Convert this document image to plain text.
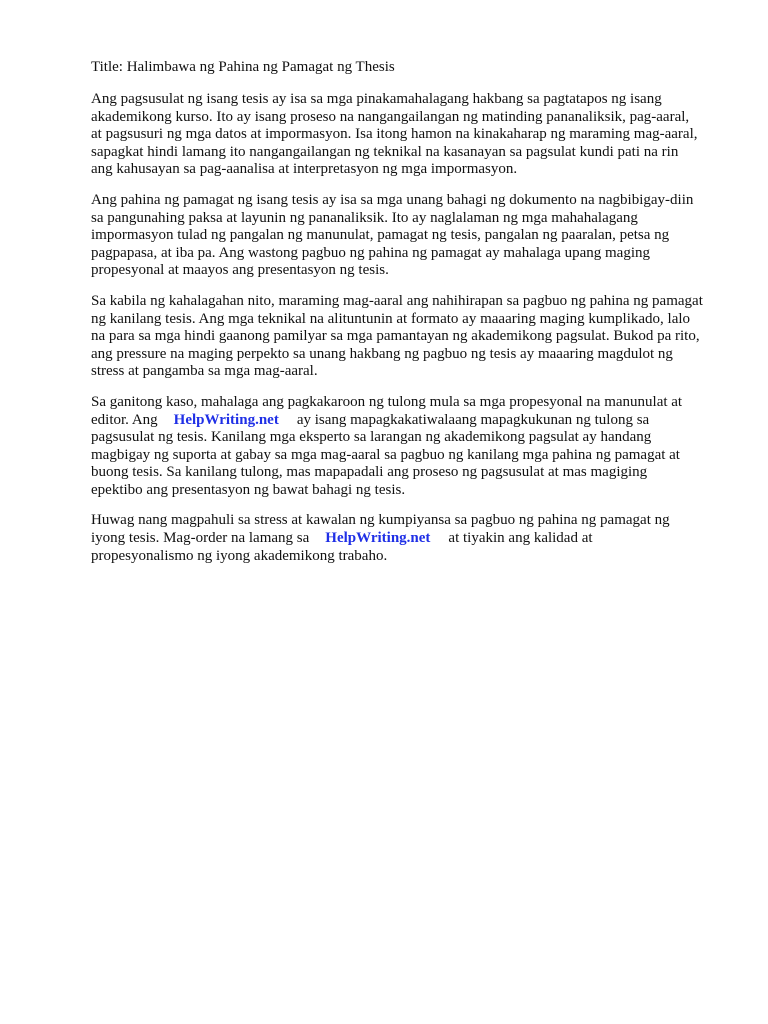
Title: Halimbawa ng Pahina ng Pamagat ng Thesis

Ang pagsusulat ng isang tesis ay isa sa mga pinakamahalagang hakbang sa pagtatapos ng isang
akademikong kurso. Ito ay isang proseso na nangangailangan ng matinding pananaliksik, pag-aaral,
at pagsusuri ng mga datos at impormasyon. Isa itong hamon na kinakaharap ng maraming mag-aaral,
sapagkat hindi lamang ito nangangailangan ng teknikal na kasanayan sa pagsulat kundi pati na rin
ang kahusayan sa pag-aanalisa at interpretasyon ng mga impormasyon.

Ang pahina ng pamagat ng isang tesis ay isa sa mga unang bahagi ng dokumento na nagbibigay-diin
sa pangunahing paksa at layunin ng pananaliksik. Ito ay naglalaman ng mga mahahalagang
impormasyon tulad ng pangalan ng manunulat, pamagat ng tesis, pangalan ng paaralan, petsa ng
pagpapasa, at iba pa. Ang wastong pagbuo ng pahina ng pamagat ay mahalaga upang maging
propesyonal at maayos ang presentasyon ng tesis.

Sa kabila ng kahalagahan nito, maraming mag-aaral ang nahihirapan sa pagbuo ng pahina ng pamagat
ng kanilang tesis. Ang mga teknikal na alituntunin at formato ay maaaring maging kumplikado, lalo
na para sa mga hindi gaanong pamilyar sa mga pamantayan ng akademikong pagsulat. Bukod pa rito,
ang pressure na maging perpekto sa unang hakbang ng pagbuo ng tesis ay maaaring magdulot ng
stress at pangamba sa mga mag-aaral.

Sa ganitong kaso, mahalaga ang pagkakaroon ng tulong mula sa mga propesyonal na manunulat at
editor. Ang HelpWriting.net ay isang mapagkakatiwalaang mapagkukunan ng tulong sa
pagsusulat ng tesis. Kanilang mga eksperto sa larangan ng akademikong pagsulat ay handang
magbigay ng suporta at gabay sa mga mag-aaral sa pagbuo ng kanilang mga pahina ng pamagat at
buong tesis. Sa kanilang tulong, mas mapapadali ang proseso ng pagsusulat at mas magiging
epektibo ang presentasyon ng bawat bahagi ng tesis.

Huwag nang magpahuli sa stress at kawalan ng kumpiyansa sa pagbuo ng pahina ng pamagat ng
iyong tesis. Mag-order na lamang sa HelpWriting.net at tiyakin ang kalidad at
propesyonalismo ng iyong akademikong trabaho.
